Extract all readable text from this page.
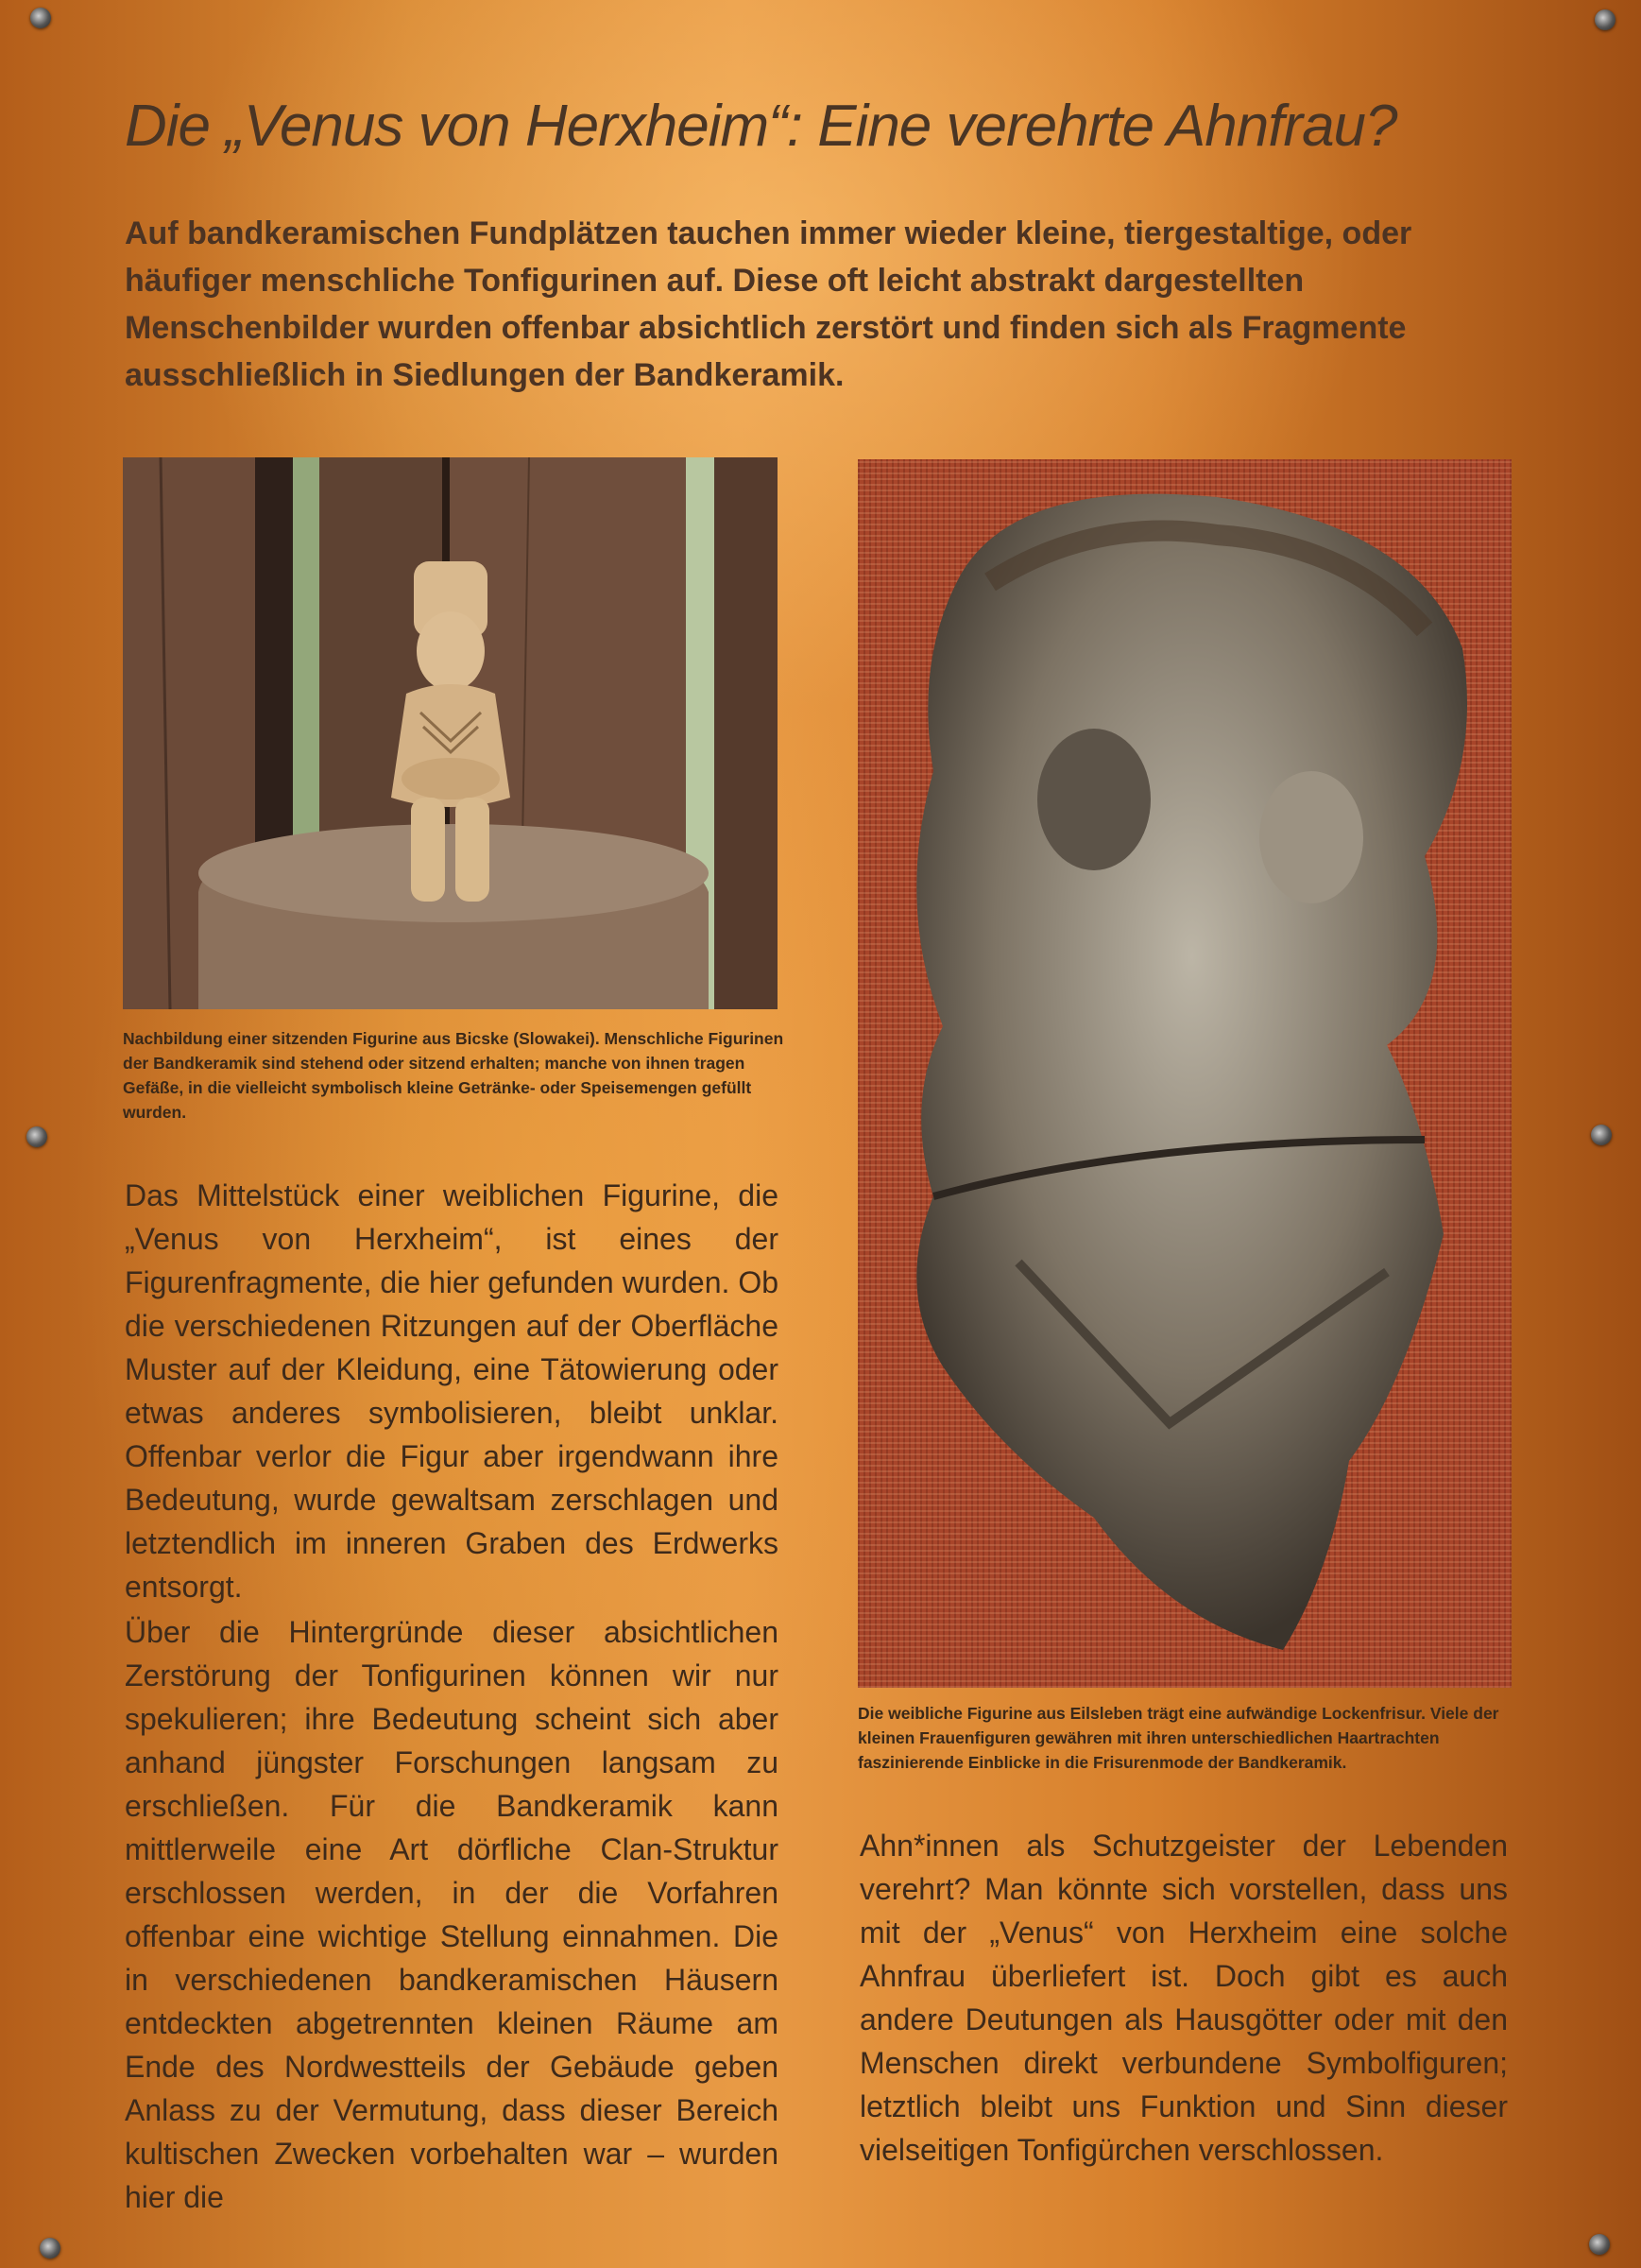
Die „Venus von Herxheim“: Eine verehrte Ahnfrau?

Auf bandkeramischen Fundplätzen tauchen immer wieder kleine, tiergestaltige, oder häufiger menschliche Tonfigurinen auf. Diese oft leicht abstrakt dargestellten Menschenbilder wurden offenbar absichtlich zerstört und finden sich als Fragmente ausschließlich in Siedlungen der Bandkeramik.

Nachbildung einer sitzenden Figurine aus Bicske (Slowakei). Menschliche Figurinen der Bandkeramik sind stehend oder sitzend erhalten; manche von ihnen tragen Gefäße, in die vielleicht symbolisch kleine Getränke- oder Speisemengen gefüllt wurden.

Die weibliche Figurine aus Eilsleben trägt eine aufwändige Lockenfrisur. Viele der kleinen Frauenfiguren gewähren mit ihren unterschiedlichen Haartrachten faszinierende Einblicke in die Frisurenmode der Bandkeramik.

Das Mittelstück einer weiblichen Figurine, die „Venus von Herxheim“, ist eines der Figurenfragmente, die hier gefunden wurden. Ob die verschiedenen Ritzungen auf der Oberfläche Muster auf der Kleidung, eine Tätowierung oder etwas anderes symbolisieren, bleibt unklar. Offenbar verlor die Figur aber irgendwann ihre Bedeutung, wurde gewaltsam zerschlagen und letztendlich im inneren Graben des Erdwerks entsorgt.

Über die Hintergründe dieser absichtlichen Zerstörung der Tonfigurinen können wir nur spekulieren; ihre Bedeutung scheint sich aber anhand jüngster Forschungen langsam zu erschließen. Für die Bandkeramik kann mittlerweile eine Art dörfliche Clan-Struktur erschlossen werden, in der die Vorfahren offenbar eine wichtige Stellung einnahmen. Die in verschiedenen bandkeramischen Häusern entdeckten abgetrennten kleinen Räume am Ende des Nordwestteils der Gebäude geben Anlass zu der Vermutung, dass dieser Bereich kultischen Zwecken vorbehalten war – wurden hier die

Ahn*innen als Schutzgeister der Lebenden verehrt? Man könnte sich vorstellen, dass uns mit der „Venus“ von Herxheim eine solche Ahnfrau überliefert ist. Doch gibt es auch andere Deutungen als Hausgötter oder mit den Menschen direkt verbundene Symbolfiguren; letztlich bleibt uns Funktion und Sinn dieser vielseitigen Tonfigürchen verschlossen.
